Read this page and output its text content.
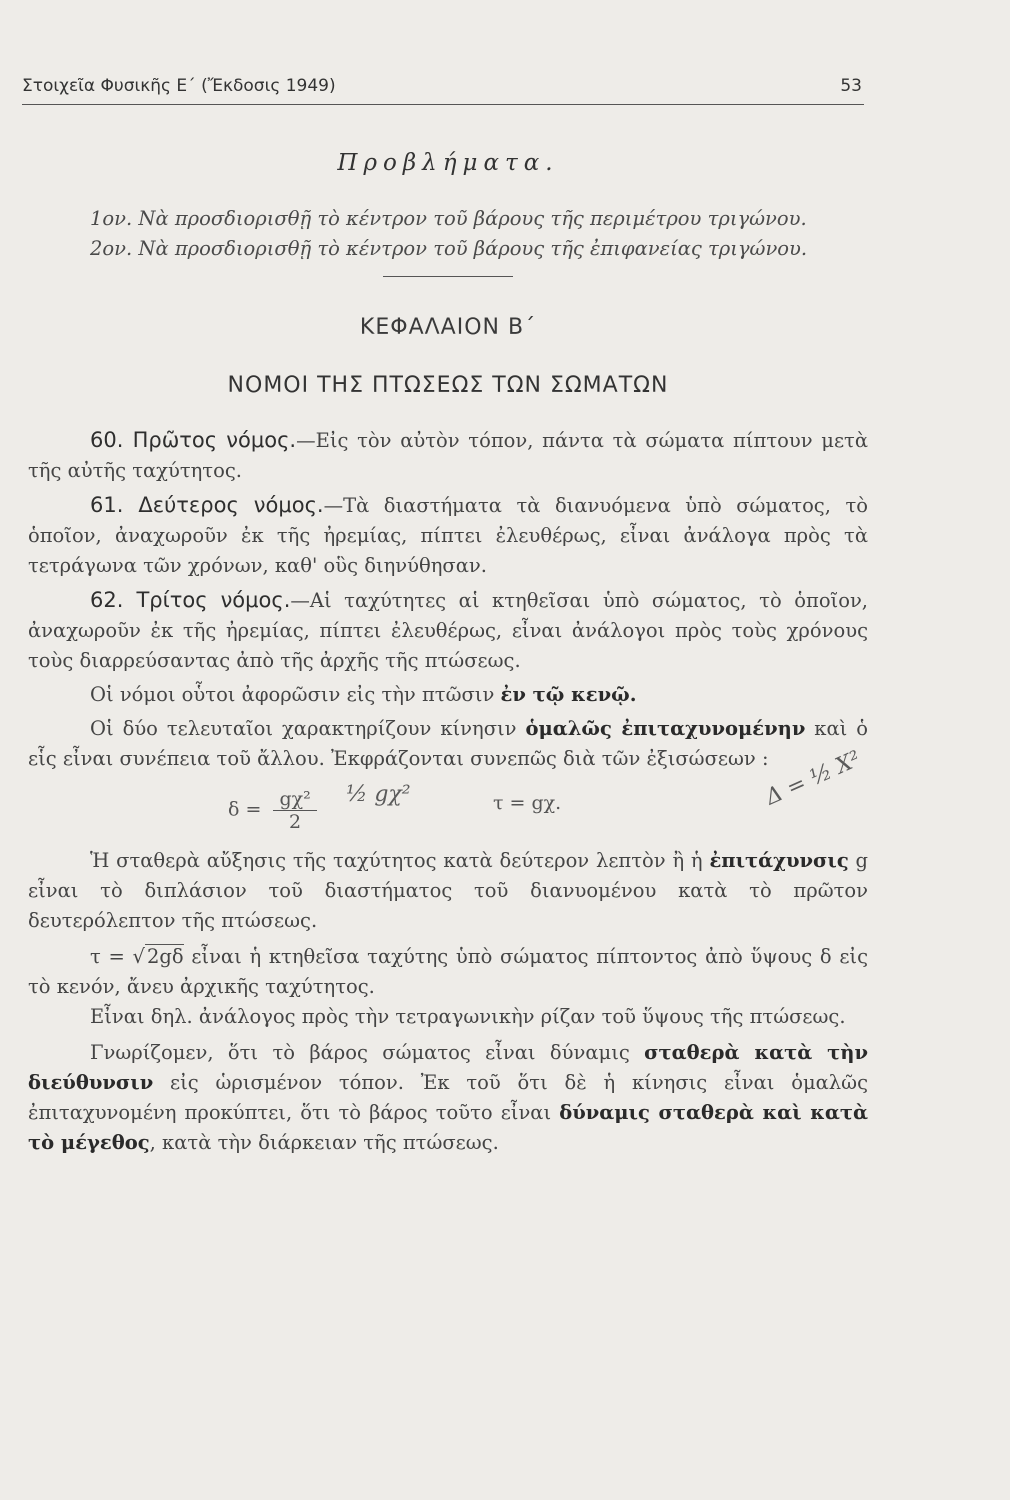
Στοιχεῖα Φυσικῆς Ε΄ (Ἔκδοσις 1949)	53

Προβλήματα.

1ον. Νὰ προσδιορισθῇ τὸ κέντρον τοῦ βάρους τῆς περιμέτρου τριγώνου.

2ον. Νὰ προσδιορισθῇ τὸ κέντρον τοῦ βάρους τῆς ἐπιφανείας τριγώνου.

ΚΕΦΑΛΑΙΟΝ Β΄

ΝΟΜΟΙ ΤΗΣ ΠΤΩΣΕΩΣ ΤΩΝ ΣΩΜΑΤΩΝ

60. Πρῶτος νόμος.—Εἰς τὸν αὐτὸν τόπον, πάντα τὰ σώματα πίπτουν μετὰ τῆς αὐτῆς ταχύτητος.

61. Δεύτερος νόμος.—Τὰ διαστήματα τὰ διανυόμενα ὑπὸ σώματος, τὸ ὁποῖον, ἀναχωροῦν ἐκ τῆς ἠρεμίας, πίπτει ἐλευθέρως, εἶναι ἀνάλογα πρὸς τὰ τετράγωνα τῶν χρόνων, καθ' οὓς διηνύθησαν.

62. Τρίτος νόμος.—Αἱ ταχύτητες αἱ κτηθεῖσαι ὑπὸ σώματος, τὸ ὁποῖον, ἀναχωροῦν ἐκ τῆς ἠρεμίας, πίπτει ἐλευθέρως, εἶναι ἀνάλογοι πρὸς τοὺς χρόνους τοὺς διαρρεύσαντας ἀπὸ τῆς ἀρχῆς τῆς πτώσεως.

Οἱ νόμοι οὗτοι ἀφορῶσιν εἰς τὴν πτῶσιν ἐν τῷ κενῷ.

Οἱ δύο τελευταῖοι χαρακτηρίζουν κίνησιν ὁμαλῶς ἐπιταχυνομένην καὶ ὁ εἷς εἶναι συνέπεια τοῦ ἄλλου. Ἐκφράζονται συνεπῶς διὰ τῶν ἐξισώσεων :

$\delta = \frac{\text{gχ²}}{2}$ ½ gχ²	τ = gχ.	Δ = ½ Χ²

Ἡ σταθερὰ αὔξησις τῆς ταχύτητος κατὰ δεύτερον λεπτὸν ἢ ἡ ἐπιτάχυνσις g εἶναι τὸ διπλάσιον τοῦ διαστήματος τοῦ διανυομένου κατὰ τὸ πρῶτον δευτερόλεπτον τῆς πτώσεως.

τ = √ 2gδ εἶναι ἡ κτηθεῖσα ταχύτης ὑπὸ σώματος πίπτοντος ἀπὸ ὕψους δ εἰς τὸ κενόν, ἄνευ ἀρχικῆς ταχύτητος.

Εἶναι δηλ. ἀνάλογος πρὸς τὴν τετραγωνικὴν ρίζαν τοῦ ὕψους τῆς πτώσεως.

Γνωρίζομεν, ὅτι τὸ βάρος σώματος εἶναι δύναμις σταθερὰ κατὰ τὴν διεύθυνσιν εἰς ὡρισμένον τόπον. Ἐκ τοῦ ὅτι δὲ ἡ κίνησις εἶναι ὁμαλῶς ἐπιταχυνομένη προκύπτει, ὅτι τὸ βάρος τοῦτο εἶναι δύναμις σταθερὰ καὶ κατὰ τὸ μέγεθος, κατὰ τὴν διάρκειαν τῆς πτώσεως.
